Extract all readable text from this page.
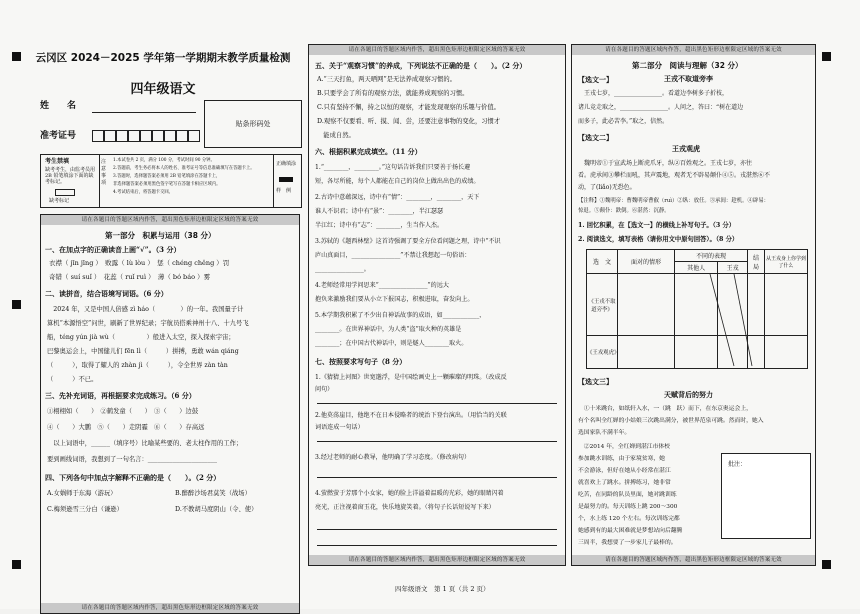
云冈区 2024－2025 学年第一学期期末教学质量检测
四年级语文
姓　　名
准考证号
贴条形码处
考生禁填
缺考考生，由监考员用 2B 铅笔填涂下面的缺考标记。
缺考标记
注意事项
1.本试卷共 2 页，满分 100 分，考试时间 90 分钟。
2.答题前，考生务必将本人的姓名、准考证号等信息准确填写在答题卡上。
3.答题时，选择题答案必须用 2B 铅笔填涂在答题卡上，
非选择题答案必须用黑色签字笔写在答题卡相应区域内。
4.考试结束后，将答题卡交回。
正确填涂
样　例
请在各题目的答题区域内作答，超出黑色矩形边框限定区域的答案无效
第一部分　积累与运用（38 分）
一、在加点字的正确读音上画“√”。（3 分）
衣襟（ jīn jīng ）　败露（ lù lòu ）　惩（ chéng chěng ）罚
奇错（ suí suǐ ）　花蕊（ ruǐ ruì ）　薄（ bó báo ）雾
二、读拼音，结合语境写词语。（6 分）
　2024 年，又是中国人倍感 zì háo（　　　　）的一年。我国量子计
算机“本源悟空”问世，刷新了世界纪录；宇航员搭乘神州十八、十九号飞
船，téng yún jià wù（　　　　　）般进入太空，探入探索宇宙；
巴黎奥运会上，中国健儿们 fēn lì（　　　）拼搏，勇敢 wán qiáng
（　　　），取得了耀人的 zhàn jì（　　　），令全世界 zàn tàn
（　　　）不已。
三、先补充词语，再根据要求完成练习。（6 分）
①栩栩如（　　）　②鹤发童（　　）　③（　　）边鼓
④（　　）大鹏　⑤（　　）走阴霾　⑥（　　）存高远
　以上词语中，______（填序号）比喻某些要的、老太柱作用的工作；
要到画线词语，我想到了一句名言：______________________
四、下列各句中加点字解释不正确的是（　　）。（2 分）
A.女娲师于东海（游玩）	B.醉醉沙场君莫笑（战场）
C.梅须逊雪三分白（谦逊）	D.不教胡马度阴山（令、使）
请在各题目的答题区域内作答，超出黑色矩形边框限定区域的答案无效
请在各题目的答题区域内作答，超出黑色矩形边框限定区域的答案无效
五、关于“观察习惯”的养成，下列说法不正确的是（　　）。（2 分）
A.“三天打鱼，两天晒网”是无法养成观察习惯的。
B.只要学会了所有的观察方法，就能养成观察的习惯。
C.只有坚持不懈，持之以恒的观察，才能发现观察的乐趣与价值。
D.观察不仅要看、听、摸、闻、尝，还要注意事物的变化，习惯才
　能成自然。
六、根据积累完成填空。（11 分）
1.“________，________。”这句话告诉我们只要善于扬长避
短，各尽所能，每个人都能在自己的岗位上做出出色的成绩。
2.古诗中意蕴深远，诗中有“情”：________，________，天下
谁人不识君；诗中有“景”：________，半江瑟瑟
半江红；诗中有“志”：________，生当作人杰。
3.苏轼的《题西林壁》这首诗强调了要全方位看问题之理，诗中“不识
庐山真面目，________________”不禁让我想起一句俗语：
________________。
4.老师经常用学问思来“________________”的远大
抱负来激励我们要从小立下报国志，积极进取，奋发向上。
5.本学期我积累了不少出自神话故事的成语，如____________、
________。在世界神话中，为人类“盗”取火种的英雄是
________；在中国古代神话中，则是燧人________取火。
七、按照要求写句子（8 分）
1.《猜猜上河图》世宽邈浮，是中国绘画史上一颗璀璨的明珠。（改成反
问句）
2.他莫荡崖目，他绝不在日本侵略者的统治下登台演出。（用恰当的关联
词语连成一句话）
3.经过老师的耐心教导，他明确了学习态度。（修改病句）
4.萤燃萤于芳那个小女家，她的脸上洋溢着温暖的光彩，她的眼睛闪着
亮光，正注视着窗玉花，快乐地旋笑着。（将句子长话短说写下来）
请在各题目的答题区域内作答，超出黑色矩形边框限定区域的答案无效
请在各题目的答题区域内作答，超出黑色矩形边框限定区域的答案无效
第二部分　阅读与理解（32 分）
【选文一】	王戎不取道旁李
　王戎七岁，________________。看道边李树多子折枝，
诸儿竞走取之，________________。人问之，答曰：“树在道边
而多子，此必苦李。”取之，信然。
【选文二】
王戎观虎
　魏明帝①于宣武场上断虎爪牙，纵②百姓观之。王戎七岁，亦往
看。虎承间③攀栏而吼，其声震地，观者无不辟易颠仆④⑤。戎湛然⑥不
动，了(liǎo)无恐色。
【注释】①魏明帝：曹魏明帝曹叡（ruì）②纵：放任。③承间：趁机。④辟易：
惊退。⑤颠仆：跌倒。⑥湛然：沉静。
1. 回忆积累，在【选文一】的横线上补写句子。（3 分）
2. 阅读选文，填写表格（请你用文中原句回答）。（8 分）
选　文	面对的情形	不同的表现		结　局	从王戎身上你学到了什么
		其他人	王戎		
《王戎不取道旁李》					
《王戎观虎》					
【选文三】
天赋背后的努力
　①十米跳台，如纸轩入水，一（跳　跃）而下，在东京奥运会上，
有个名叫全红婵的小姑娘三次跳出满分，被世界范泉可跳。然而时，她入
选国家队不满半年。
　②2014 年，全红婵到湛江市体校
参加跳水训练，由于家境贫寒，她
不会游泳，但好在她从小经常在湛江
就喜欢上了跳水。拼搏练习，她非常
吃苦，在同龄的队员里面，她对跳训练
是最努力的。每天训练上跳 200～300
个，水上练 120 个左右。每次训练完都
她感到有的最大困难就是梦想站向后翻腾
三周半，我想要了一步家儿子最棒的。
批注：
请在各题目的答题区域内作答，超出黑色矩形边框限定区域的答案无效
四年级语文　第 1 页（共 2 页）
